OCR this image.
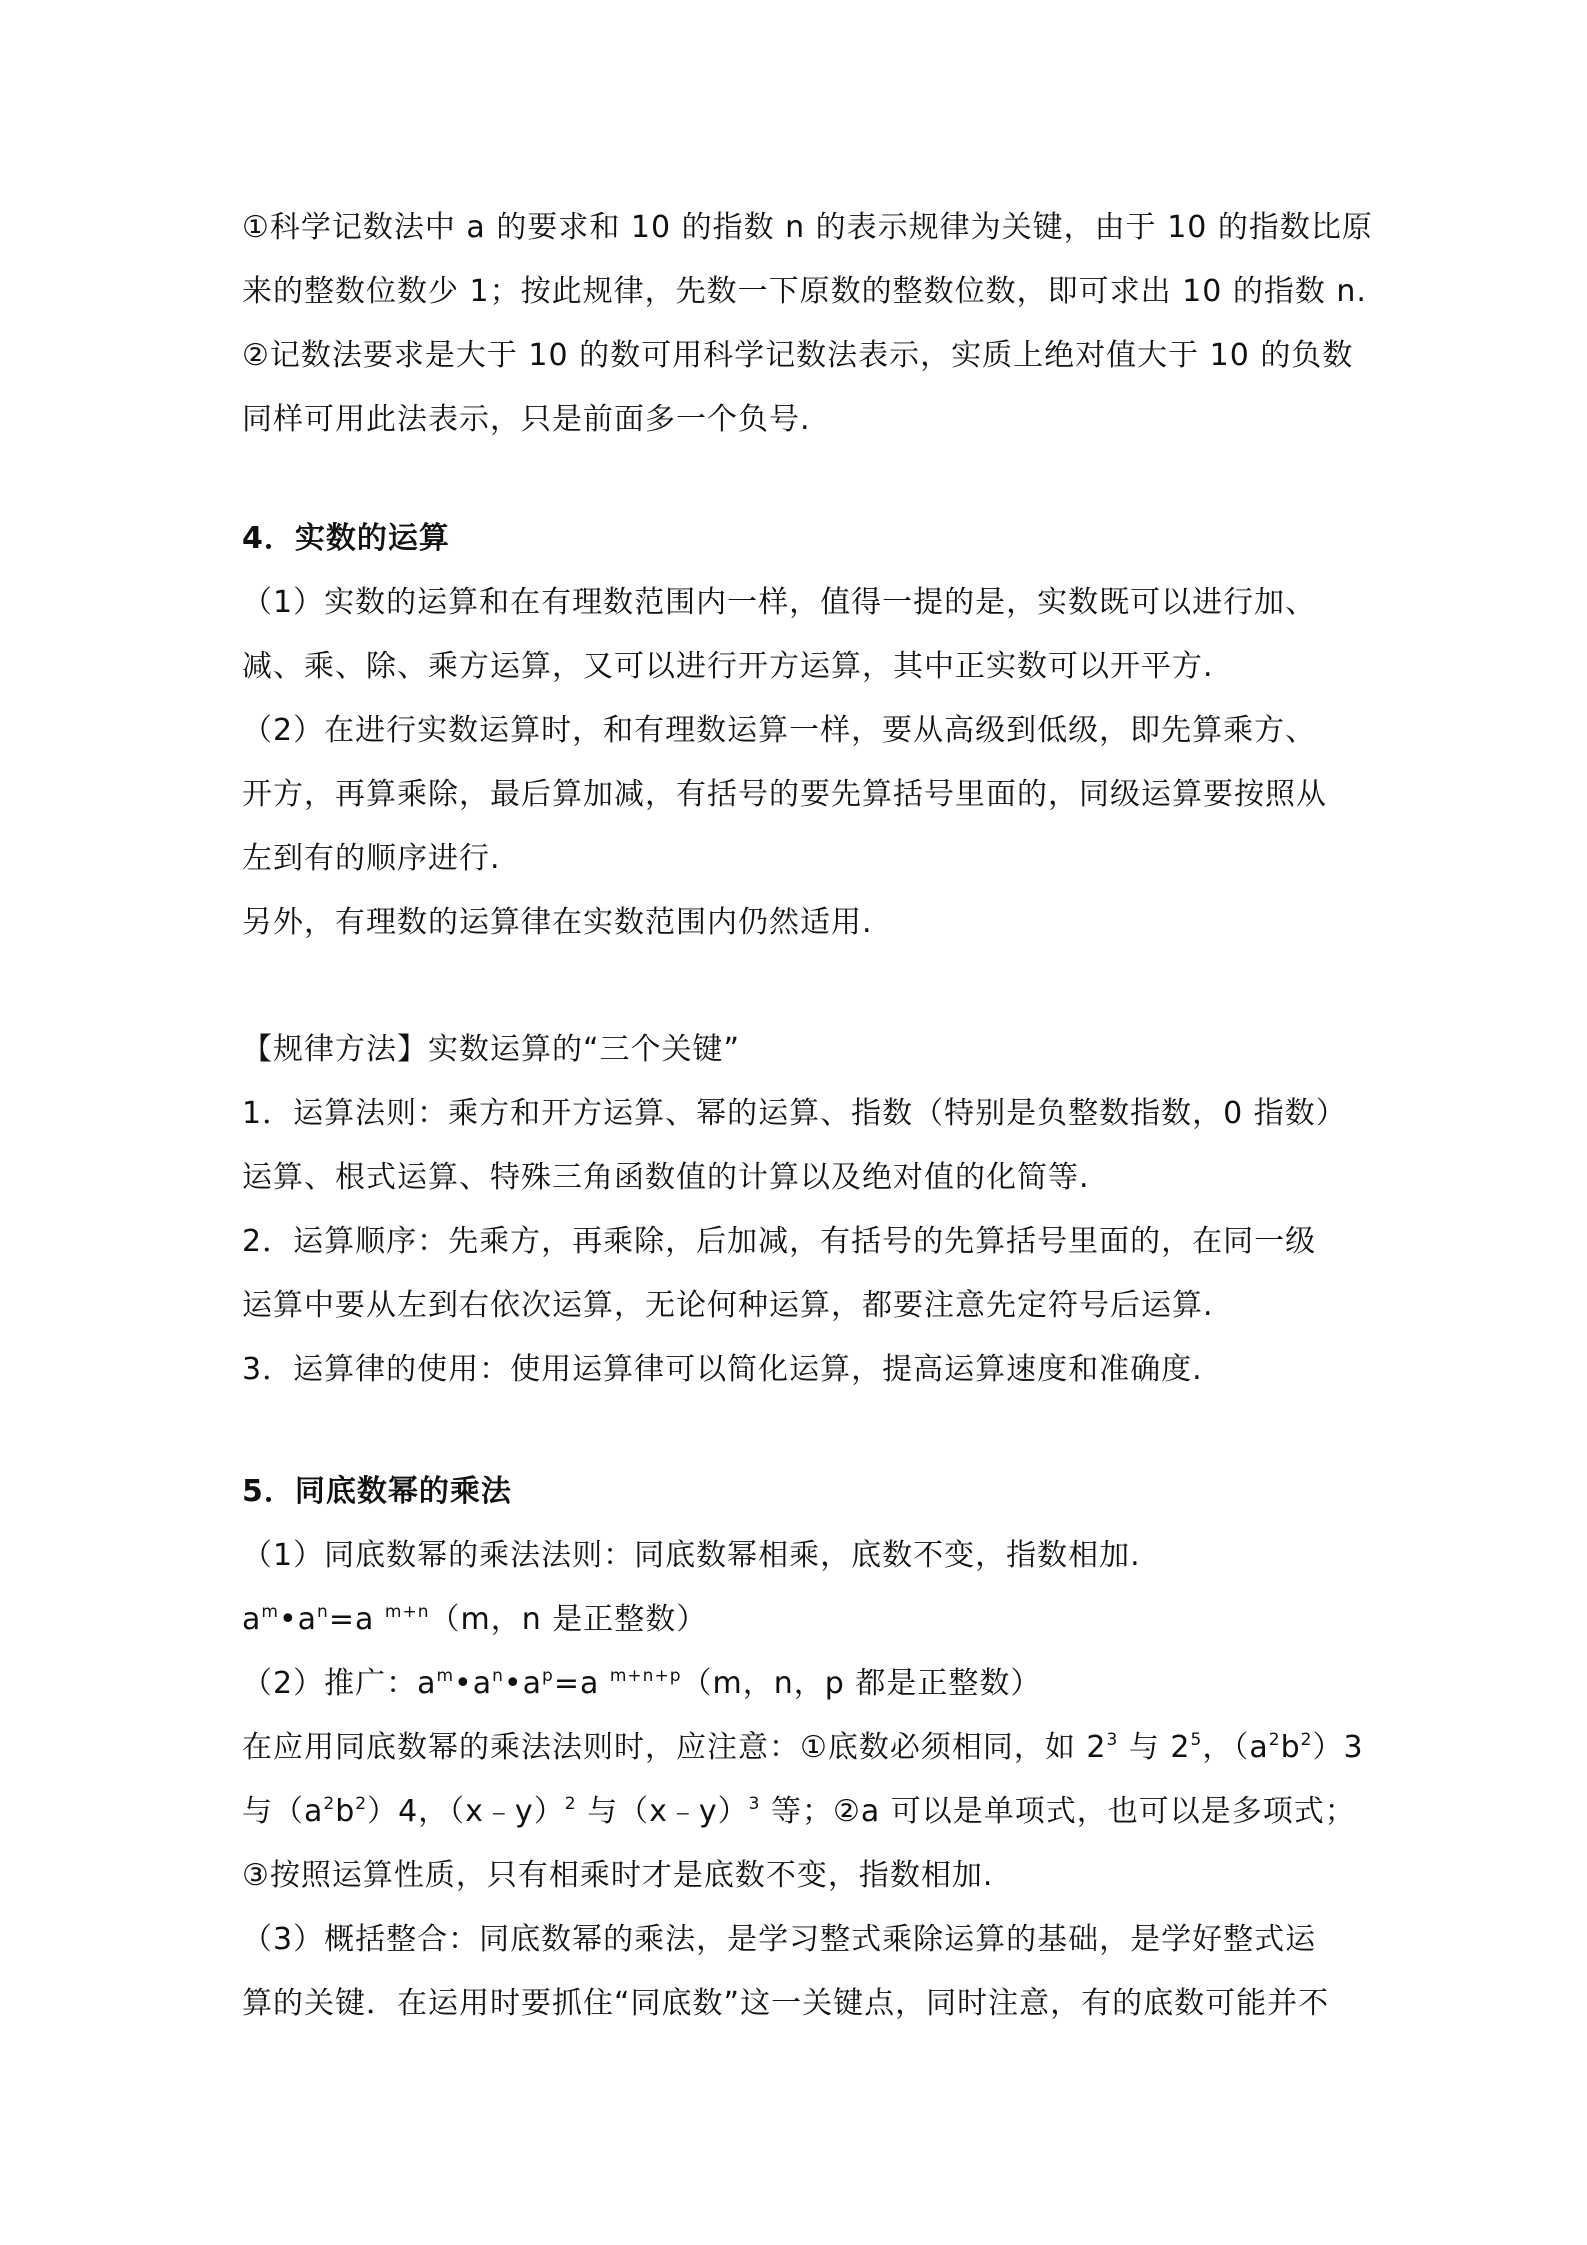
①科学记数法中 a 的要求和 10 的指数 n 的表示规律为关键，由于 10 的指数比原
来的整数位数少 1；按此规律，先数一下原数的整数位数，即可求出 10 的指数 n.
②记数法要求是大于 10 的数可用科学记数法表示，实质上绝对值大于 10 的负数
同样可用此法表示，只是前面多一个负号.
4．实数的运算
（1）实数的运算和在有理数范围内一样，值得一提的是，实数既可以进行加、
减、乘、除、乘方运算，又可以进行开方运算，其中正实数可以开平方.
（2）在进行实数运算时，和有理数运算一样，要从高级到低级，即先算乘方、
开方，再算乘除，最后算加减，有括号的要先算括号里面的，同级运算要按照从
左到有的顺序进行.
另外，有理数的运算律在实数范围内仍然适用.
【规律方法】实数运算的“三个关键”
1．运算法则：乘方和开方运算、幂的运算、指数（特别是负整数指数，0 指数）
运算、根式运算、特殊三角函数值的计算以及绝对值的化简等.
2．运算顺序：先乘方，再乘除，后加减，有括号的先算括号里面的，在同一级
运算中要从左到右依次运算，无论何种运算，都要注意先定符号后运算.
3．运算律的使用：使用运算律可以简化运算，提高运算速度和准确度.
5．同底数幂的乘法
（1）同底数幂的乘法法则：同底数幂相乘，底数不变，指数相加.
$a^m•a^n=a$ $^{m+n}$（m，n 是正整数）
（2）推广：$a^m•a^n•a^p=a$ $^{m+n+p}$（m，n，p 都是正整数）
在应用同底数幂的乘法法则时，应注意：①底数必须相同，如 $2^3$ 与 $2^5$，$(a^2b^2)3$
与$(a^2b^2)4$，（x﹣y）$^2$ 与（x﹣y）$^3$ 等；②a 可以是单项式，也可以是多项式；
③按照运算性质，只有相乘时才是底数不变，指数相加.
（3）概括整合：同底数幂的乘法，是学习整式乘除运算的基础，是学好整式运
算的关键．在运用时要抓住“同底数”这一关键点，同时注意，有的底数可能并不
